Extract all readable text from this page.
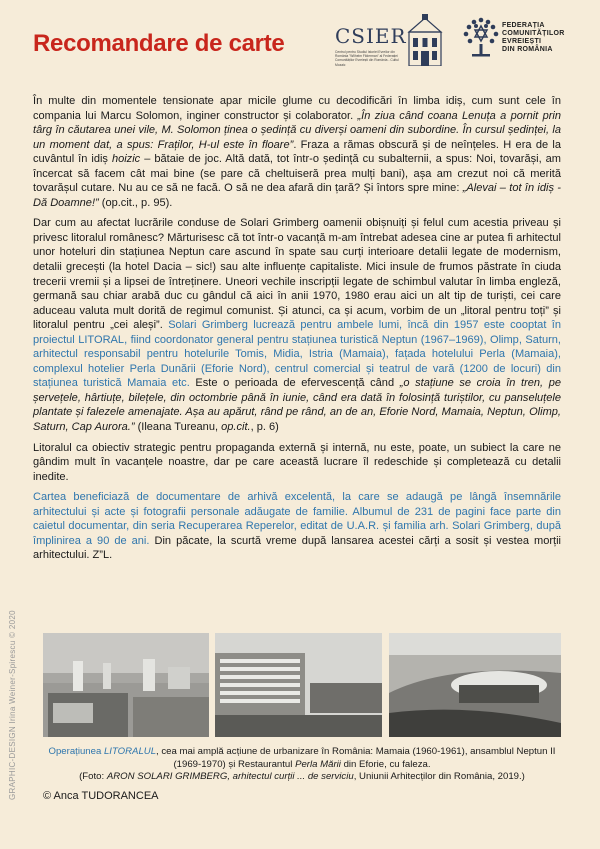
Recomandare de carte	CSIER
Centrul pentru Studiul Istoriei Evreilor din România "Wilhelm Filderman" al Federației Comunităților Evreiești din România - Cultul Mozaic
FEDERAȚIA
COMUNITĂȚILOR
EVREIEȘTI
DIN ROMÂNIA

În multe din momentele tensionate apar micile glume cu decodificări în limba idiș, cum sunt cele în compania lui Marcu Solomon, inginer constructor și colaborator. „În ziua când coana Lenuța a pornit prin târg în căutarea unei vile, M. Solomon ținea o ședință cu diverși oameni din subordine. În cursul ședinței, la un moment dat, a spus: Fraților, H-ul este în floare”. Fraza a rămas obscură și de neînțeles. H era de la cuvântul în idiș hoizic – bătaie de joc. Altă dată, tot într-o ședință cu subalternii, a spus: Noi, tovarăși, am încercat să facem cât mai bine (se pare că cheltuiseră prea mulți bani), așa am crezut noi că merită tovarășul cutare. Nu au ce să ne facă. O să ne dea afară din țară? Și întors spre mine: „Alevai – tot în idiș - Dă Doamne!” (op.cit., p. 95).

Dar cum au afectat lucrările conduse de Solari Grimberg oamenii obișnuiți și felul cum acestia priveau și privesc litoralul românesc? Mărturisesc că tot într-o vacanță m-am întrebat adesea cine ar putea fi arhitectul unor hoteluri din stațiunea Neptun care ascund în spate sau curți interioare detalii legate de modernism, detalii grecești (la hotel Dacia – sic!) sau alte influențe capitaliste. Mici insule de frumos păstrate în ciuda trecerii vremii și a lipsei de întreținere. Uneori vechile inscripții legate de schimbul valutar în limba engleză, germană sau chiar arabă duc cu gândul că aici în anii 1970, 1980 erau aici un alt tip de turiști, cei care aduceau valuta mult dorită de regimul comunist. Și atunci, ca și acum, vorbim de un „litoral pentru toți” și litoralul pentru „cei aleși”. Solari Grimberg lucrează pentru ambele lumi, încă din 1957 este cooptat în proiectul LITORAL, fiind coordonator general pentru stațiunea turistică Neptun (1967–1969), Olimp, Saturn, arhitectul responsabil pentru hotelurile Tomis, Midia, Istria (Mamaia), fațada hotelului Perla (Mamaia), complexul hotelier Perla Dunării (Eforie Nord), centrul comercial și teatrul de vară (1200 de locuri) din stațiunea turistică Mamaia etc. Este o perioada de efervescență când „o stațiune se croia în tren, pe șervețele, hârtiuțe, bilețele, din octombrie până în iunie, când era dată în folosință turiștilor, cu panseluțele plantate și falezele amenajate. Așa au apărut, rând pe rând, an de an, Eforie Nord, Mamaia, Neptun, Olimp, Saturn, Cap Aurora.” (Ileana Tureanu, op.cit., p. 6)

Litoralul ca obiectiv strategic pentru propaganda externă și internă, nu este, poate, un subiect la care ne gândim mult în vacanțele noastre, dar pe care această lucrare îl redeschide și completează cu detalii inedite.

Cartea beneficiază de documentare de arhivă excelentă, la care se adaugă pe lângă însemnările arhitectului și acte și fotografii personale adăugate de familie. Albumul de 231 de pagini face parte din caietul documentar, din seria Recuperarea Reperelor, editat de U.A.R. și familia arh. Solari Grimberg, după împlinirea a 90 de ani. Din păcate, la scurtă vreme după lansarea acestei cărți a sosit și vestea morții arhitectului. Z”L.

Operațiunea LITORALUL, cea mai amplă acțiune de urbanizare în România: Mamaia (1960-1961), ansamblul Neptun II (1969-1970) și Restaurantul Perla Mării din Eforie, cu faleza.

(Foto: ARON SOLARI GRIMBERG, arhitectul curții ... de serviciu, Uniunii Arhitecților din România, 2019.)

© Anca TUDORANCEA
GRAPHIC-DESIGN Irina Weiner-Spirescu © 2020
